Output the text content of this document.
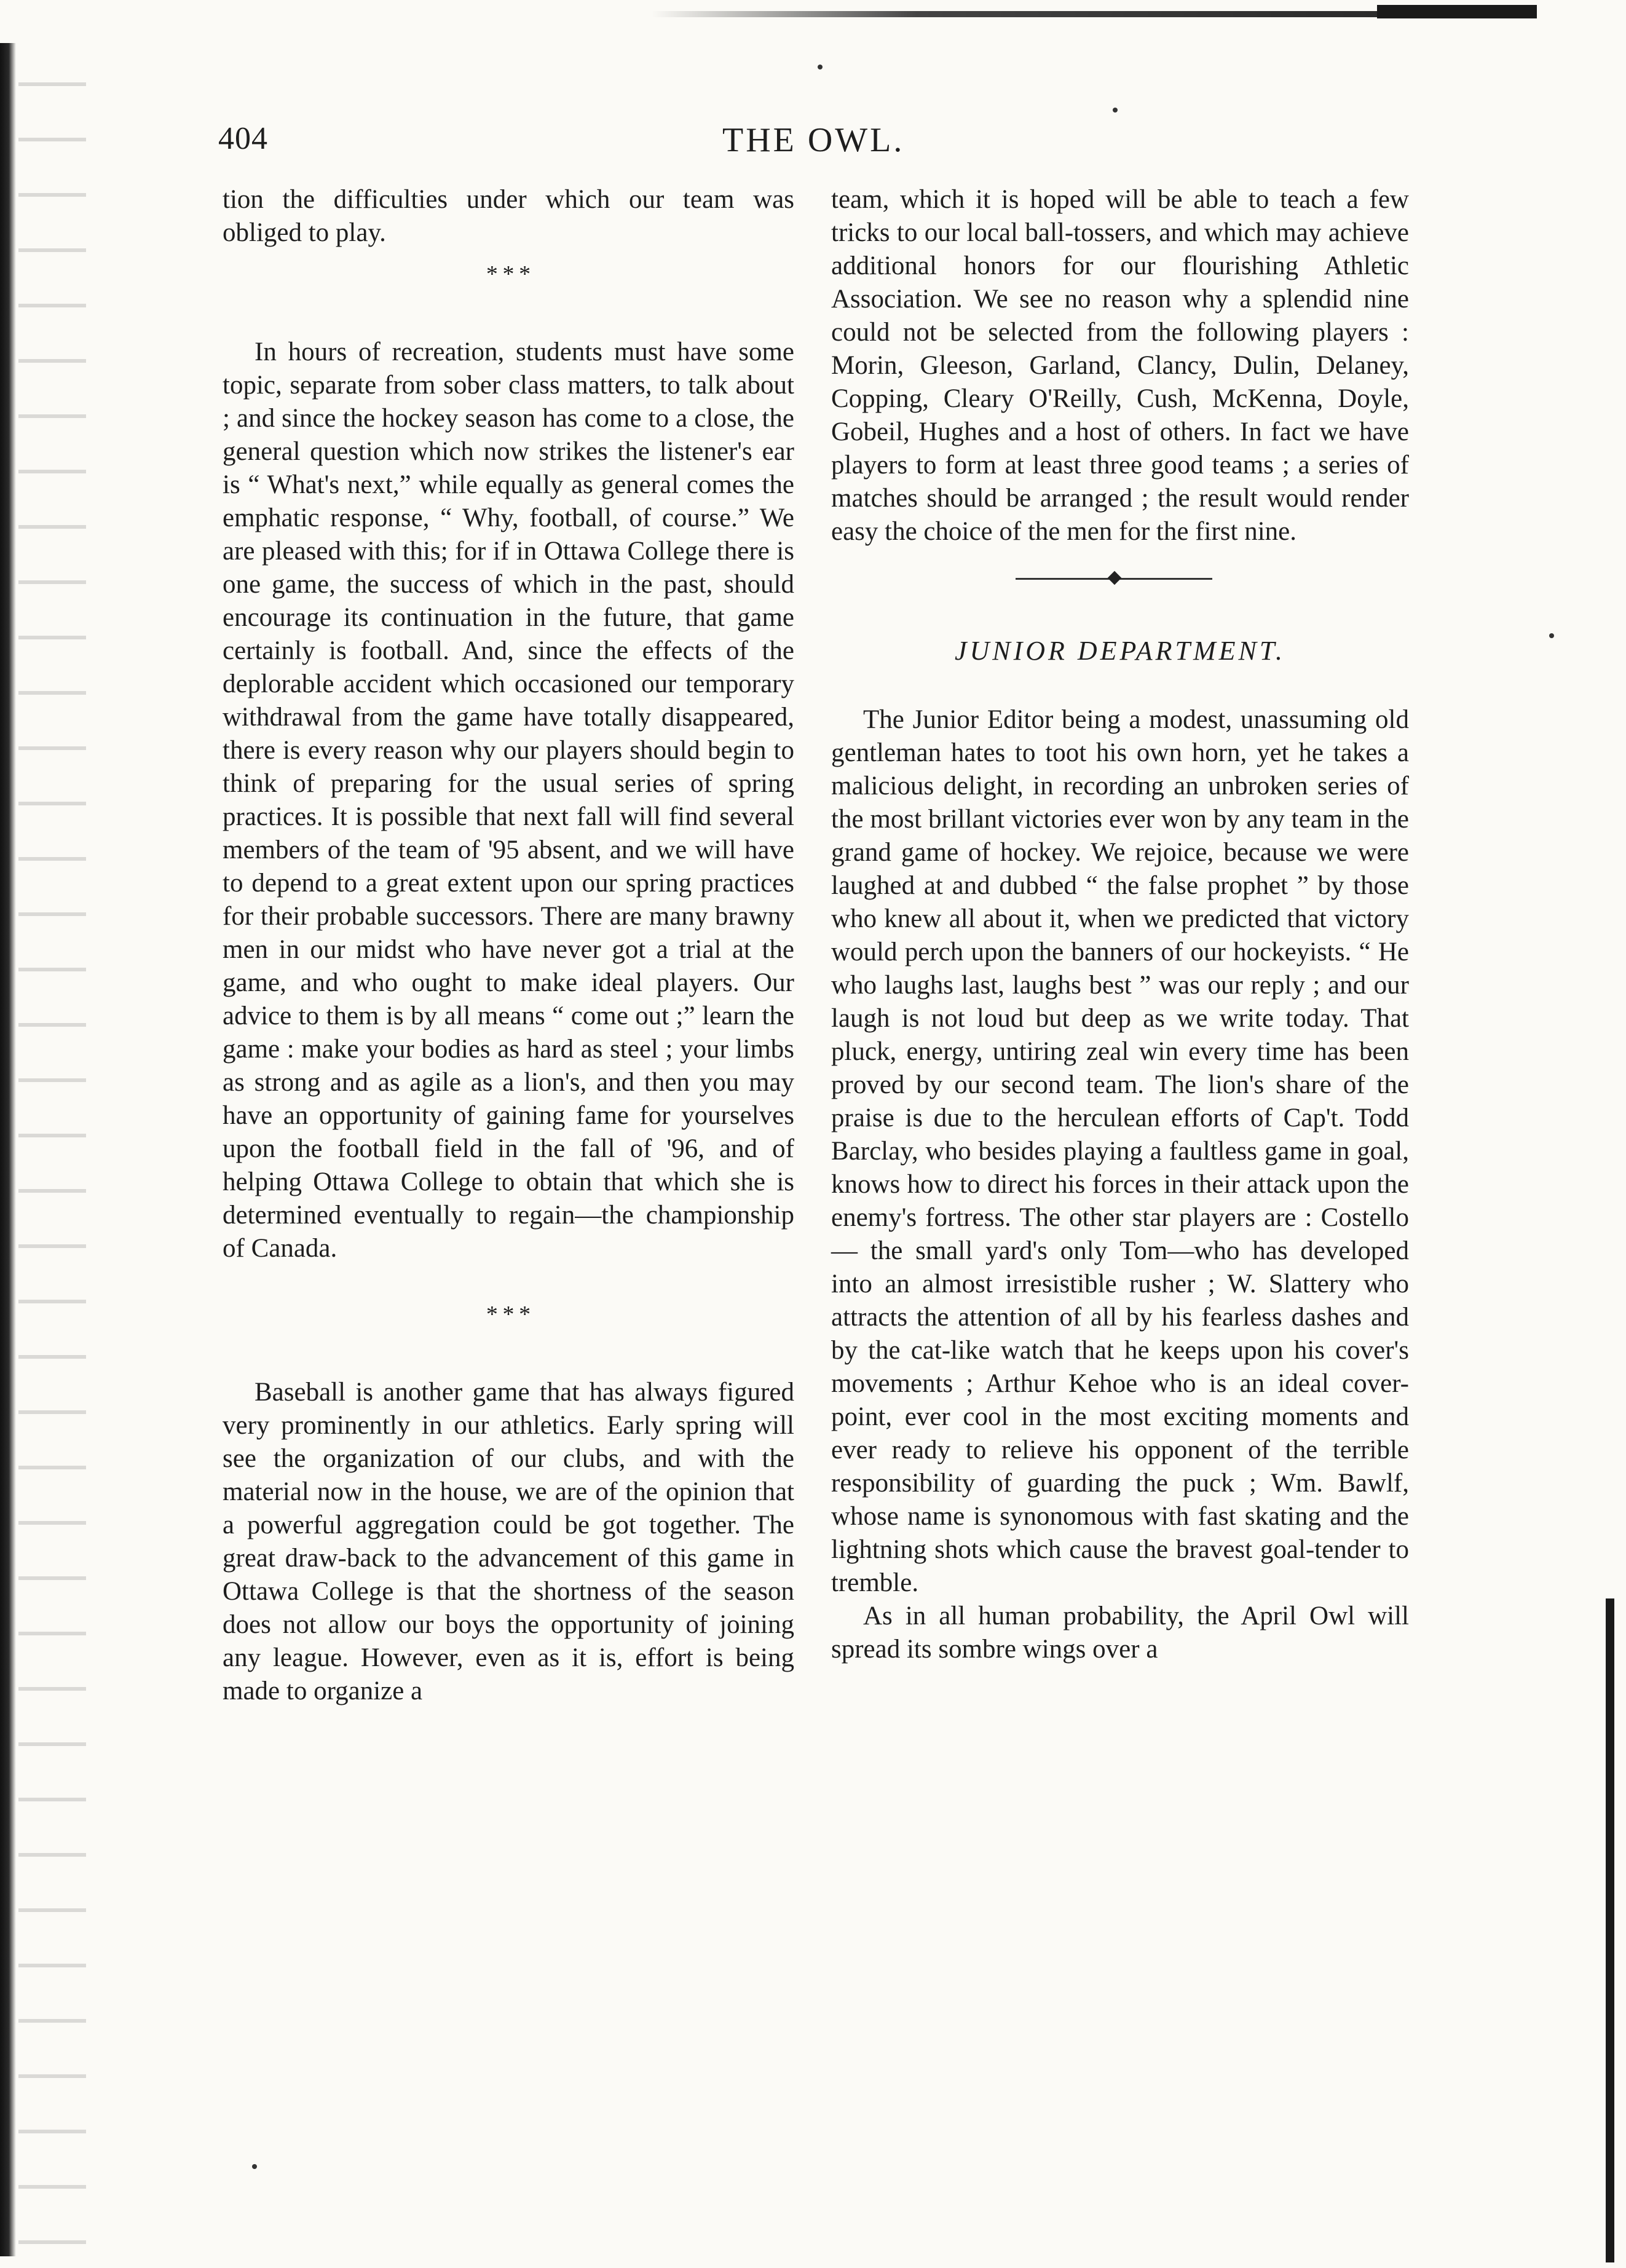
404	THE OWL.

tion the difficulties under which our team was obliged to play.

* * *

In hours of recreation, students must have some topic, separate from sober class matters, to talk about ; and since the hockey season has come to a close, the general question which now strikes the listener's ear is “ What's next,” while equally as general comes the emphatic response, “ Why, football, of course.” We are pleased with this; for if in Ottawa College there is one game, the success of which in the past, should encourage its continuation in the future, that game certainly is football. And, since the effects of the deplorable accident which occasioned our temporary withdrawal from the game have totally disappeared, there is every reason why our players should begin to think of preparing for the usual series of spring practices. It is possible that next fall will find several members of the team of '95 absent, and we will have to depend to a great extent upon our spring practices for their probable successors. There are many brawny men in our midst who have never got a trial at the game, and who ought to make ideal players. Our advice to them is by all means “ come out ;” learn the game : make your bodies as hard as steel ; your limbs as strong and as agile as a lion's, and then you may have an opportunity of gaining fame for yourselves upon the football field in the fall of '96, and of helping Ottawa College to obtain that which she is determined eventually to regain—the championship of Canada.

* * *

Baseball is another game that has always figured very prominently in our athletics. Early spring will see the organization of our clubs, and with the material now in the house, we are of the opinion that a powerful aggregation could be got together. The great draw-back to the advancement of this game in Ottawa College is that the shortness of the season does not allow our boys the opportunity of joining any league. However, even as it is, effort is being made to organize a

team, which it is hoped will be able to teach a few tricks to our local ball-tossers, and which may achieve additional honors for our flourishing Athletic Association. We see no reason why a splendid nine could not be selected from the following players : Morin, Gleeson, Garland, Clancy, Dulin, Delaney, Copping, Cleary O'Reilly, Cush, McKenna, Doyle, Gobeil, Hughes and a host of others. In fact we have players to form at least three good teams ; a series of matches should be arranged ; the result would render easy the choice of the men for the first nine.

JUNIOR DEPARTMENT.

The Junior Editor being a modest, unassuming old gentleman hates to toot his own horn, yet he takes a malicious delight, in recording an unbroken series of the most brillant victories ever won by any team in the grand game of hockey. We rejoice, because we were laughed at and dubbed “ the false prophet ” by those who knew all about it, when we predicted that victory would perch upon the banners of our hockeyists. “ He who laughs last, laughs best ” was our reply ; and our laugh is not loud but deep as we write today. That pluck, energy, untiring zeal win every time has been proved by our second team. The lion's share of the praise is due to the herculean efforts of Cap't. Todd Barclay, who besides playing a faultless game in goal, knows how to direct his forces in their attack upon the enemy's fortress. The other star players are : Costello — the small yard's only Tom—who has developed into an almost irresistible rusher ; W. Slattery who attracts the attention of all by his fearless dashes and by the cat-like watch that he keeps upon his cover's movements ; Arthur Kehoe who is an ideal cover-point, ever cool in the most exciting moments and ever ready to relieve his opponent of the terrible responsibility of guarding the puck ; Wm. Bawlf, whose name is synonomous with fast skating and the lightning shots which cause the bravest goal-tender to tremble.

As in all human probability, the April Owl will spread its sombre wings over a
